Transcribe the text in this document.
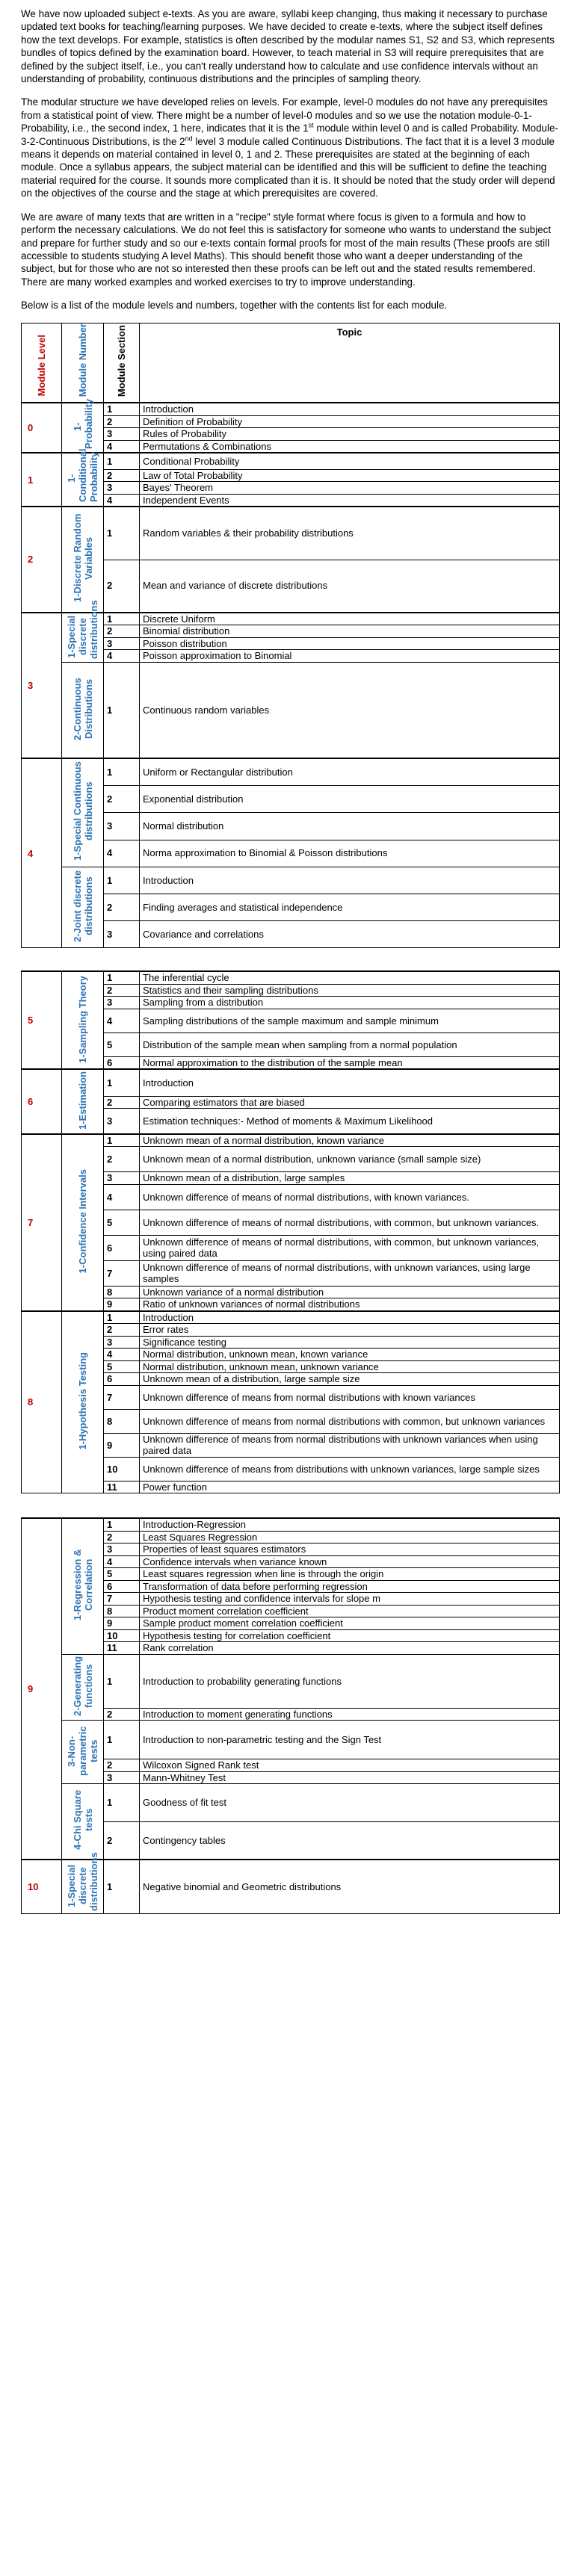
We have now uploaded subject e-texts. As you are aware, syllabi keep changing, thus making it necessary to purchase updated text books for teaching/learning purposes. We have decided to create e-texts, where the subject itself defines how the text develops. For example, statistics is often described by the modular names S1, S2 and S3, which represents bundles of topics defined by the examination board. However, to teach material in S3 will require prerequisites that are defined by the subject itself, i.e., you can't really understand how to calculate and use confidence intervals without an understanding of probability, continuous distributions and the principles of sampling theory.

The modular structure we have developed relies on levels. For example, level-0 modules do not have any prerequisites from a statistical point of view. There might be a number of level-0 modules and so we use the notation module-0-1-Probability, i.e., the second index, 1 here, indicates that it is the 1st module within level 0 and is called Probability. Module-3-2-Continuous Distributions, is the 2nd level 3 module called Continuous Distributions. The fact that it is a level 3 module means it depends on material contained in level 0, 1 and 2. These prerequisites are stated at the beginning of each module. Once a syllabus appears, the subject material can be identified and this will be sufficient to define the teaching material required for the course. It sounds more complicated than it is. It should be noted that the study order will depend on the objectives of the course and the stage at which prerequisites are covered.

We are aware of many texts that are written in a "recipe" style format where focus is given to a formula and how to perform the necessary calculations. We do not feel this is satisfactory for someone who wants to understand the subject and prepare for further study and so our e-texts contain formal proofs for most of the main results (These proofs are still accessible to students studying A level Maths). This should benefit those who want a deeper understanding of the subject, but for those who are not so interested then these proofs can be left out and the stated results remembered. There are many worked examples and worked exercises to try to improve understanding.

Below is a list of the module levels and numbers, together with the contents list for each module.

Module Level	Module Number	Module Section	Topic
0	1-Probability	1	Introduction
		2	Definition of Probability
		3	Rules of Probability
		4	Permutations & Combinations
1	1-Conditional Probability	1	Conditional Probability
		2	Law of Total Probability
		3	Bayes' Theorem
		4	Independent Events
2	1-Discrete Random Variables	1	Random variables & their probability distributions
		2	Mean and variance of discrete distributions
3	1-Special discrete distributions	1	Discrete Uniform
		2	Binomial distribution
		3	Poisson distribution
		4	Poisson approximation to Binomial
	2-Continuous Distributions	1	Continuous random variables
4	1-Special Continuous distributions	1	Uniform or Rectangular distribution
		2	Exponential distribution
		3	Normal distribution
		4	Norma approximation to Binomial & Poisson distributions
	2-Joint discrete distributions	1	Introduction
		2	Finding averages and statistical independence
		3	Covariance and correlations

5	1-Sampling Theory	1	The inferential cycle
		2	Statistics and their sampling distributions
		3	Sampling from a distribution
		4	Sampling distributions of the sample maximum and sample minimum
		5	Distribution of the sample mean when sampling from a normal population
		6	Normal approximation to the distribution of the sample mean
6	1-Estimation	1	Introduction
		2	Comparing estimators that are biased
		3	Estimation techniques:- Method of moments & Maximum Likelihood
7	1-Confidence Intervals	1	Unknown mean of a normal distribution, known variance
		2	Unknown mean of a normal distribution, unknown variance (small sample size)
		3	Unknown mean of a distribution, large samples
		4	Unknown difference of means of normal distributions, with known variances.
		5	Unknown difference of means of normal distributions, with common, but unknown variances.
		6	Unknown difference of means of normal distributions, with common, but unknown variances, using paired data
		7	Unknown difference of means of normal distributions, with unknown variances, using large samples
		8	Unknown variance of a normal distribution
		9	Ratio of unknown variances of normal distributions
8	1-Hypothesis Testing	1	Introduction
		2	Error rates
		3	Significance testing
		4	Normal distribution, unknown mean, known variance
		5	Normal distribution, unknown mean, unknown variance
		6	Unknown mean of a distribution, large sample size
		7	Unknown difference of means from normal distributions with known variances
		8	Unknown difference of means from normal distributions with common, but unknown variances
		9	Unknown difference of means from normal distributions with unknown variances when using paired data
		10	Unknown difference of means from distributions with unknown variances, large sample sizes
		11	Power function

9	1-Regression & Correlation	1	Introduction-Regression
		2	Least Squares Regression
		3	Properties of least squares estimators
		4	Confidence intervals when variance known
		5	Least squares regression when line is through the origin
		6	Transformation of data before performing regression
		7	Hypothesis testing and confidence intervals for slope m
		8	Product moment correlation coefficient
		9	Sample product moment correlation coefficient
		10	Hypothesis testing for correlation coefficient
		11	Rank correlation
	2-Generating functions	1	Introduction to probability generating functions
		2	Introduction to moment generating functions
	3-Non-parametric tests	1	Introduction to non-parametric testing and the Sign Test
		2	Wilcoxon Signed Rank test
		3	Mann-Whitney Test
	4-Chi Square tests	1	Goodness of fit test
		2	Contingency tables
10	1-Special discrete distributions	1	Negative binomial and Geometric distributions
